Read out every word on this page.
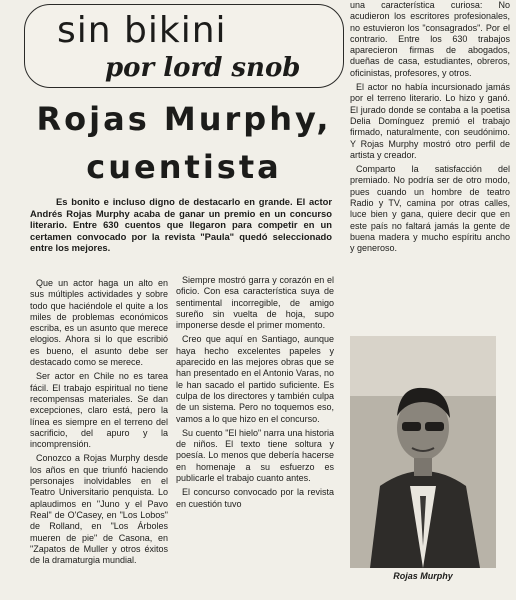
sin bikini

por lord snob

Rojas Murphy,
cuentista

Es bonito e incluso digno de destacarlo en grande. El actor Andrés Rojas Murphy acaba de ganar un premio en un concurso literario. Entre 630 cuentos que llegaron para competir en un certamen convocado por la revista "Paula" quedó seleccionado entre los mejores.

una característica curiosa: No acudieron los escritores profesionales, no estuvieron los "consagrados". Por el contrario. Entre los 630 trabajos aparecieron firmas de abogados, dueñas de casa, estudiantes, obreros, oficinistas, profesores, y otros.

El actor no había incursionado jamás por el terreno literario. Lo hizo y ganó. El jurado donde se contaba a la poetisa Delia Domínguez premió el trabajo firmado, naturalmente, con seudónimo. Y Rojas Murphy mostró otro perfil de artista y creador.

Comparto la satisfacción del premiado. No podría ser de otro modo, pues cuando un hombre de teatro Radio y TV, camina por otras calles, luce bien y gana, quiere decir que en este país no faltará jamás la gente de buena madera y mucho espíritu ancho y generoso.

Que un actor haga un alto en sus múltiples actividades y sobre todo que haciéndole el quite a los miles de problemas económicos escriba, es un asunto que merece elogios. Ahora si lo que escribió es bueno, el asunto debe ser destacado como se merece.

Ser actor en Chile no es tarea fácil. El trabajo espiritual no tiene recompensas materiales. Se dan excepciones, claro está, pero la línea es siempre en el terreno del sacrificio, del apuro y la incomprensión.

Conozco a Rojas Murphy desde los años en que triunfó haciendo personajes inolvidables en el Teatro Universitario penquista. Lo aplaudimos en "Juno y el Pavo Real" de O'Casey, en "Los Lobos" de Rolland, en "Los Árboles mueren de pie" de Casona, en "Zapatos de Muller y otros éxitos de la dramaturgia mundial.

Siempre mostró garra y corazón en el oficio. Con esa característica suya de sentimental incorregible, de amigo sureño sin vuelta de hoja, supo imponerse desde el primer momento.

Creo que aquí en Santiago, aunque haya hecho excelentes papeles y aparecido en las mejores obras que se han presentado en el Antonio Varas, no le han sacado el partido suficiente. Es culpa de los directores y también culpa de un sistema. Pero no toquemos eso, vamos a lo que hizo en el concurso.

Su cuento "El hielo" narra una historia de niños. El texto tiene soltura y poesía. Lo menos que debería hacerse en homenaje a su esfuerzo es publicarle el trabajo cuanto antes.

El concurso convocado por la revista en cuestión tuvo

Rojas Murphy
